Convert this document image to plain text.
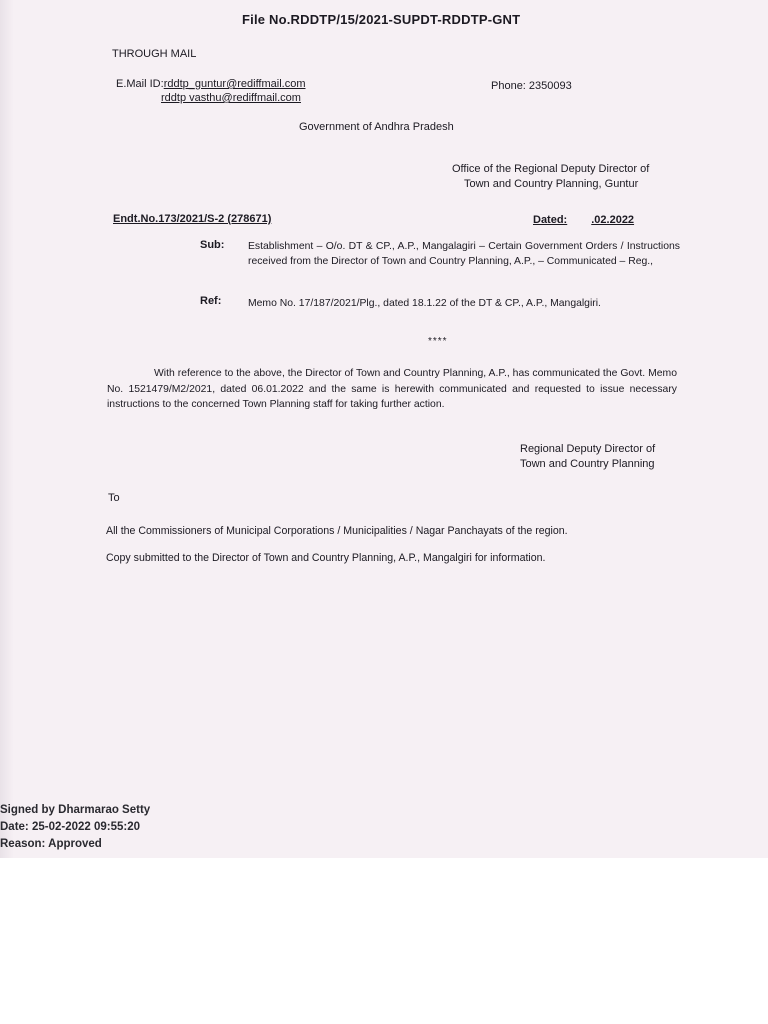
File No.RDDTP/15/2021-SUPDT-RDDTP-GNT
THROUGH MAIL
E.Mail ID:rddtp_guntur@rediffmail.com
rddtp vasthu@rediffmail.com
Phone: 2350093
Government of Andhra Pradesh
Office of the Regional Deputy Director of
Town and Country Planning, Guntur
Endt.No.173/2021/S-2 (278671)	Dated: .02.2022
Sub: Establishment – O/o. DT & CP., A.P., Mangalagiri – Certain Government Orders / Instructions received from the Director of Town and Country Planning, A.P., – Communicated – Reg.,
Ref:	Memo No. 17/187/2021/Plg., dated 18.1.22 of the DT & CP., A.P., Mangalgiri.
****
With reference to the above, the Director of Town and Country Planning, A.P., has communicated the Govt. Memo No. 1521479/M2/2021, dated 06.01.2022 and the same is herewith communicated and requested to issue necessary instructions to the concerned Town Planning staff for taking further action.
Regional Deputy Director of
Town and Country Planning
To
All the Commissioners of Municipal Corporations / Municipalities / Nagar Panchayats of the region.
Copy submitted to the Director of Town and Country Planning, A.P., Mangalgiri for information.
Signed by Dharmarao Setty
Date: 25-02-2022 09:55:20
Reason: Approved
